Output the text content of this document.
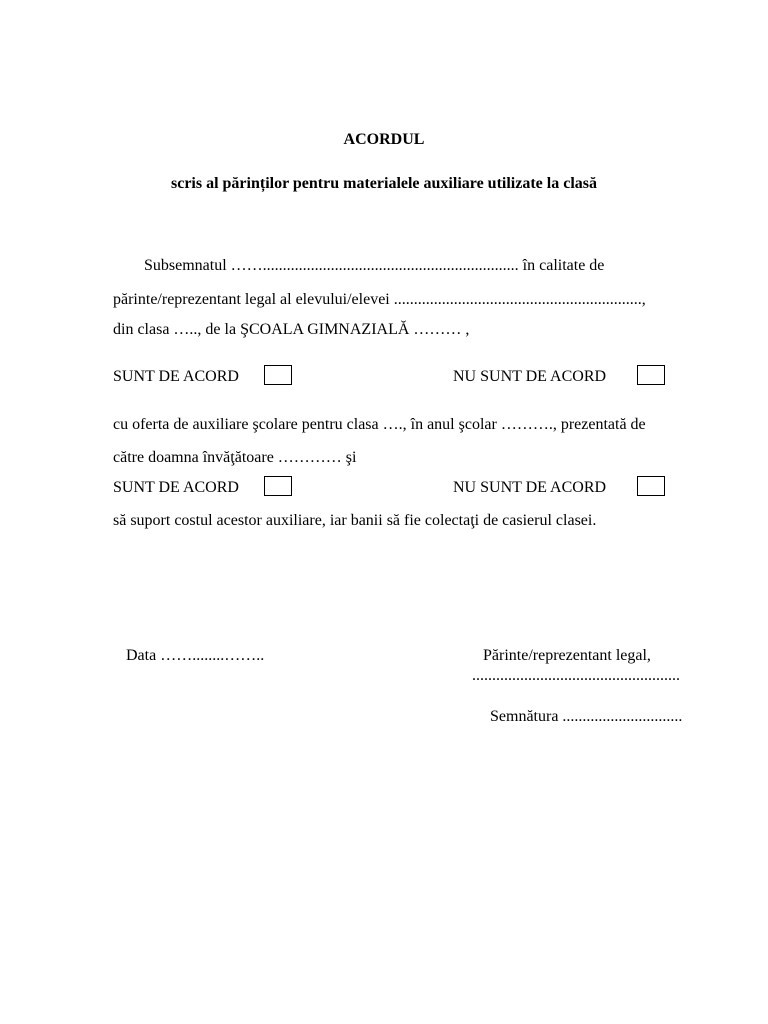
ACORDUL
scris al părinților pentru materialele auxiliare utilizate la clasă
Subsemnatul ……................................................................ în calitate de
părinte/reprezentant legal al elevului/elevei ..............................................................,
din clasa ….., de la ŞCOALA GIMNAZIALĂ ……… ,
SUNT DE ACORD	NU SUNT DE ACORD
cu oferta de auxiliare şcolare pentru clasa …., în anul şcolar ………., prezentată de
către doamna învăţătoare ………… şi
SUNT DE ACORD	NU SUNT DE ACORD
să suport costul acestor auxiliare, iar banii să fie colectaţi de casierul clasei.
Data ……........……..	Părinte/reprezentant legal,
....................................................
Semnătura ..............................
